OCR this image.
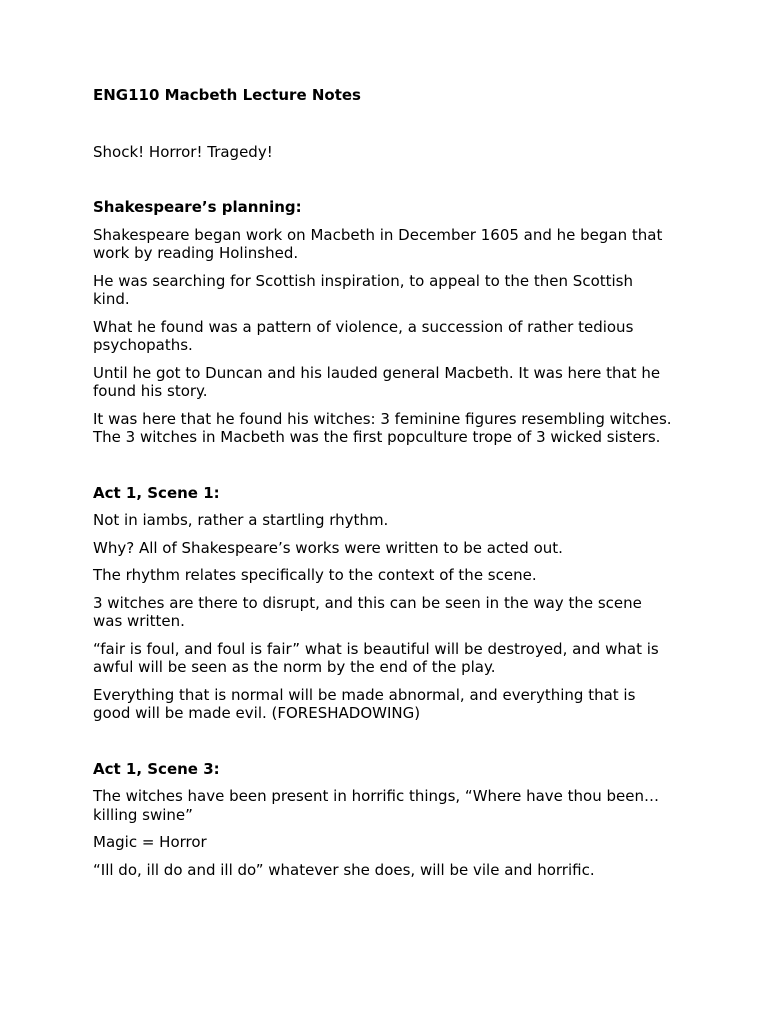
ENG110 Macbeth Lecture Notes
Shock! Horror! Tragedy!
Shakespeare’s planning:
Shakespeare began work on Macbeth in December 1605 and he began that work by reading Holinshed.
He was searching for Scottish inspiration, to appeal to the then Scottish kind.
What he found was a pattern of violence, a succession of rather tedious psychopaths.
Until he got to Duncan and his lauded general Macbeth. It was here that he found his story.
It was here that he found his witches: 3 feminine figures resembling witches. The 3 witches in Macbeth was the first popculture trope of 3 wicked sisters.
Act 1, Scene 1:
Not in iambs, rather a startling rhythm.
Why? All of Shakespeare’s works were written to be acted out.
The rhythm relates specifically to the context of the scene.
3 witches are there to disrupt, and this can be seen in the way the scene was written.
“fair is foul, and foul is fair” what is beautiful will be destroyed, and what is awful will be seen as the norm by the end of the play.
Everything that is normal will be made abnormal, and everything that is good will be made evil. (FORESHADOWING)
Act 1, Scene 3:
The witches have been present in horrific things, “Where have thou been… killing swine”
Magic = Horror
“Ill do, ill do and ill do” whatever she does, will be vile and horrific.
